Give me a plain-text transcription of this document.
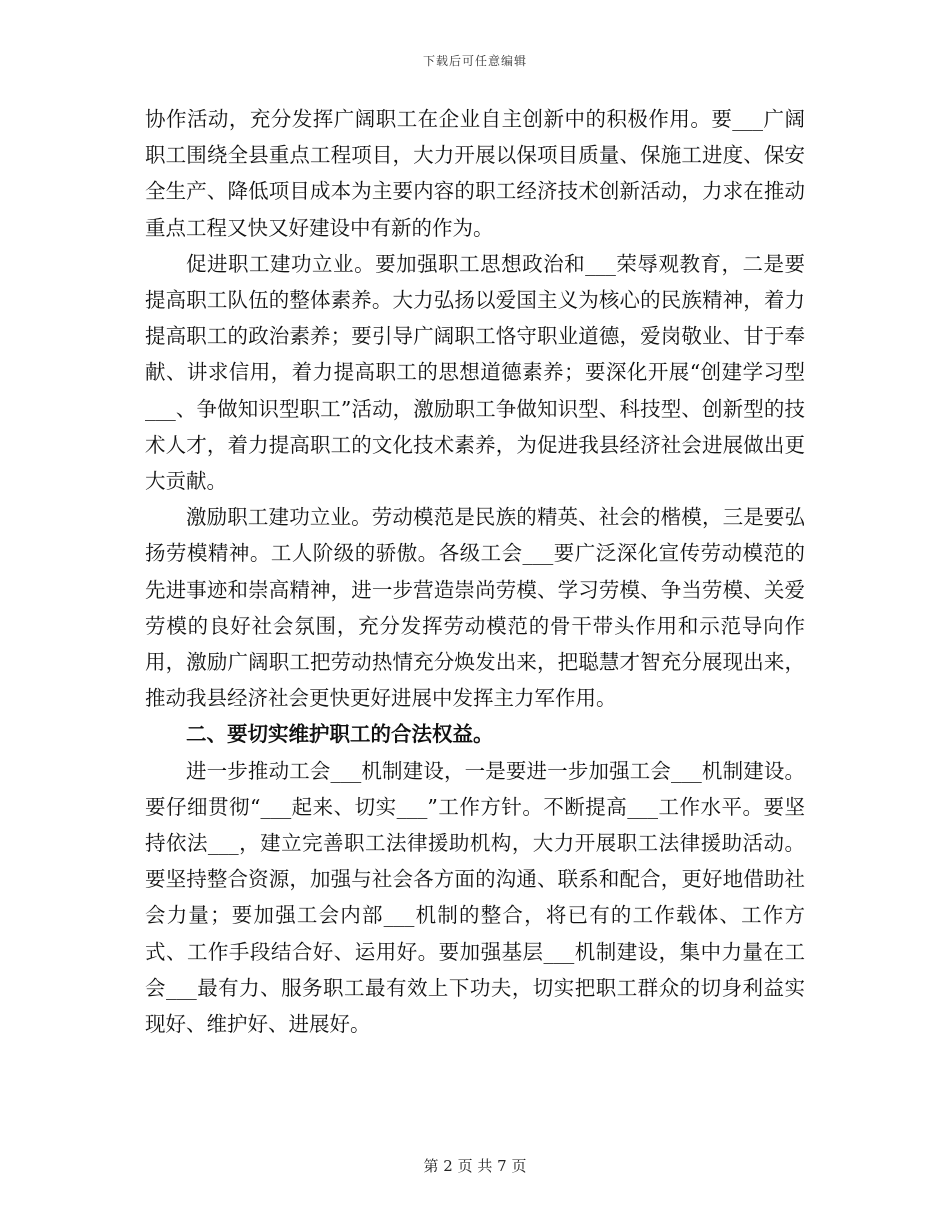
下载后可任意编辑

协作活动，充分发挥广阔职工在企业自主创新中的积极作用。要___广阔职工围绕全县重点工程项目，大力开展以保项目质量、保施工进度、保安全生产、降低项目成本为主要内容的职工经济技术创新活动，力求在推动重点工程又快又好建设中有新的作为。

促进职工建功立业。要加强职工思想政治和___荣辱观教育，二是要提高职工队伍的整体素养。大力弘扬以爱国主义为核心的民族精神，着力提高职工的政治素养；要引导广阔职工恪守职业道德，爱岗敬业、甘于奉献、讲求信用，着力提高职工的思想道德素养；要深化开展“创建学习型___、争做知识型职工”活动，激励职工争做知识型、科技型、创新型的技术人才，着力提高职工的文化技术素养，为促进我县经济社会进展做出更大贡献。

激励职工建功立业。劳动模范是民族的精英、社会的楷模，三是要弘扬劳模精神。工人阶级的骄傲。各级工会___要广泛深化宣传劳动模范的先进事迹和崇高精神，进一步营造崇尚劳模、学习劳模、争当劳模、关爱劳模的良好社会氛围，充分发挥劳动模范的骨干带头作用和示范导向作用，激励广阔职工把劳动热情充分焕发出来，把聪慧才智充分展现出来，推动我县经济社会更快更好进展中发挥主力军作用。

二、要切实维护职工的合法权益。

进一步推动工会___机制建设，一是要进一步加强工会___机制建设。要仔细贯彻“___起来、切实___”工作方针。不断提高___工作水平。要坚持依法___，建立完善职工法律援助机构，大力开展职工法律援助活动。要坚持整合资源，加强与社会各方面的沟通、联系和配合，更好地借助社会力量；要加强工会内部___机制的整合，将已有的工作载体、工作方式、工作手段结合好、运用好。要加强基层___机制建设，集中力量在工会___最有力、服务职工最有效上下功夫，切实把职工群众的切身利益实现好、维护好、进展好。

第 2 页 共 7 页
